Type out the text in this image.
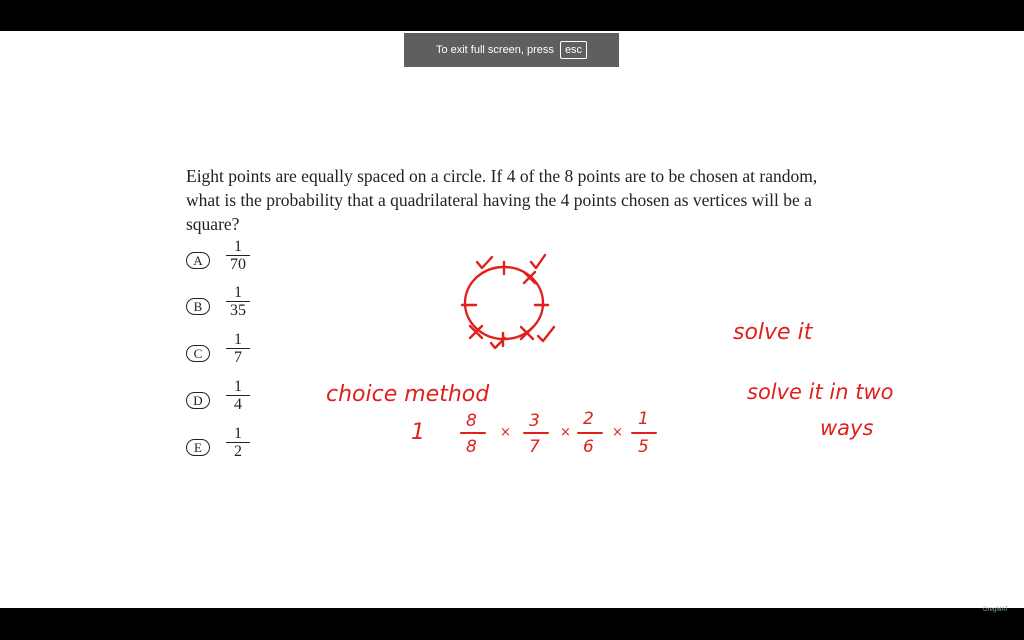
To exit full screen, press	esc
Eight points are equally spaced on a circle. If 4 of the 8 points are to be chosen at random, what is the probability that a quadrilateral having the 4 points chosen as vertices will be a square?
A	$\frac{1}{70}$
B	$\frac{1}{35}$
C	$\frac{1}{7}$
D	$\frac{1}{4}$
E	$\frac{1}{2}$
choice method
solve it
solve it in two
ways
1 8
8
×
3
7
×
2
6
×
1
5
GregMAT
